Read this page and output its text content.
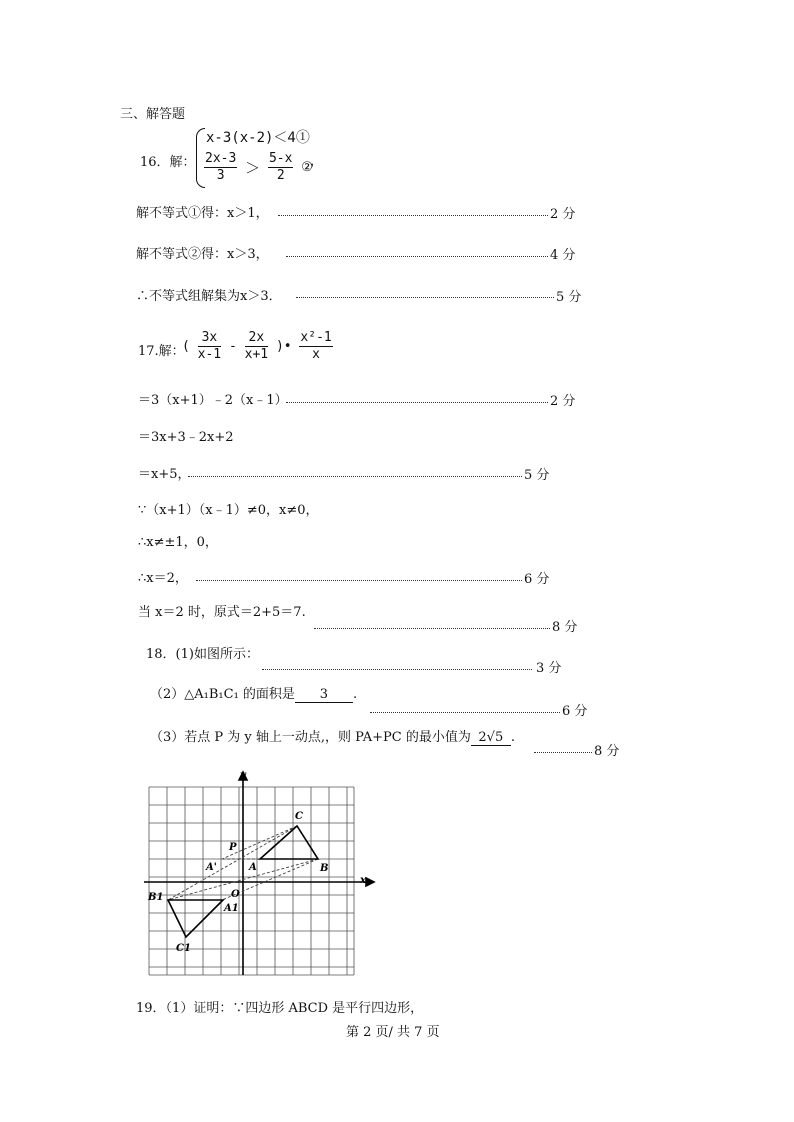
三、解答题
16．解：
x-3(x-2)＜4①
$\frac{2x-3}{3} > \frac{5-x}{2}$ ②
，
解不等式①得：x＞1，	2 分
解不等式②得：x＞3，	4 分
∴不等式组解集为x＞3．	5 分
17.解：
( $\frac{3x}{x-1} - \frac{2x}{x+1}$ )• $\frac{\text{x²-1}}{x}$
＝3（x+1）﹣2（x﹣1）	2 分
＝3x+3﹣2x+2
＝x+5，	5 分
∵（x+1）（x﹣1）≠0，x≠0，
∴x≠±1，0，
∴x＝2，	6 分
当 x＝2 时，原式＝2+5＝7.
8 分
18．(1)如图所示：
3 分
（2）△A₁B₁C₁ 的面积是 3 .
6 分
（3）若点 P 为 y 轴上一动点,，则 PA+PC 的最小值为 2√5 .
8 分
y
x
O
C
B
A
A'
P
B1
A1
C1
19．（1）证明：∵四边形 ABCD 是平行四边形，
第 2 页/ 共 7 页
